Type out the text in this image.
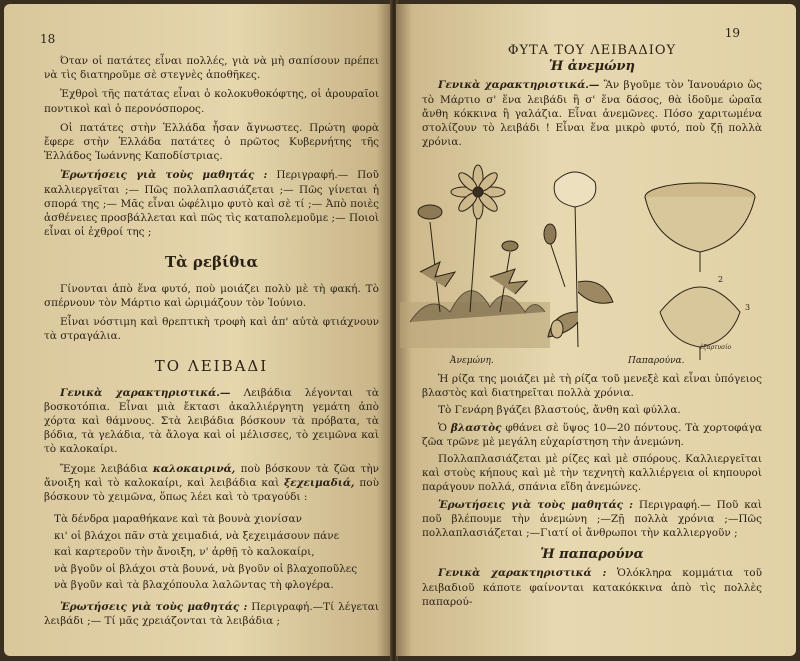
18

Όταν οἱ πατάτες εἶναι πολλές, γιὰ νὰ μὴ σαπίσουν πρέπει νὰ τὶς διατηροῦμε σὲ στεγνὲς ἀποθῆκες.

Ἐχθροὶ τῆς πατάτας εἶναι ὁ κολοκυθοκόφτης, οἱ ἀρουραῖοι ποντικοὶ καὶ ὁ περονόσπορος.

Οἱ πατάτες στὴν Ἑλλάδα ἦσαν ἄγνωστες. Πρώτη φορὰ ἔφερε στὴν Ἑλλάδα πατάτες ὁ πρῶτος Κυβερνήτης τῆς Ἑλλάδος Ἰωάννης Καποδίστριας.

Ἐρωτήσεις γιὰ τοὺς μαθητάς : Περιγραφή.— Ποῦ καλλιεργεῖται ;— Πῶς πολλαπλασιάζεται ;— Πῶς γίνεται ἡ σπορά της ;— Μᾶς εἶναι ὠφέλιμο φυτὸ καὶ σὲ τί ;— Ἀπὸ ποιὲς ἀσθένειες προσβάλλεται καὶ πῶς τὶς καταπολεμοῦμε ;— Ποιοὶ εἶναι οἱ ἐχθροί της ;

Τὰ ρεβίθια

Γίνονται ἀπὸ ἕνα φυτό, ποὺ μοιάζει πολὺ μὲ τὴ φακή. Τὸ σπέρνουν τὸν Μάρτιο καὶ ὡριμάζουν τὸν Ἰούνιο.

Εἶναι νόστιμη καὶ θρεπτικὴ τροφὴ καὶ ἀπ' αὐτὰ φτιάχνουν τὰ στραγάλια.

ΤΟ ΛΕΙΒΑΔΙ

Γενικὰ χαρακτηριστικά.— Λειβάδια λέγονται τὰ βοσκοτόπια. Εἶναι μιὰ ἔκτασι ἀκαλλιέργητη γεμάτη ἀπὸ χόρτα καὶ θάμνους. Στὰ λειβάδια βόσκουν τὰ πρόβατα, τὰ βόδια, τὰ γελάδια, τὰ ἄλογα καὶ οἱ μέλισσες, τὸ χειμῶνα καὶ τὸ καλοκαίρι.

Ἔχομε λειβάδια καλοκαιρινά, ποὺ βόσκουν τὰ ζῶα τὴν ἄνοιξη καὶ τὸ καλοκαίρι, καὶ λειβάδια καὶ ξεχειμαδιά, ποὺ βόσκουν τὸ χειμῶνα, ὅπως λέει καὶ τὸ τραγούδι :

Τὰ δένδρα μαραθήκανε καὶ τὰ βουνὰ χιονίσαν

κι' οἱ βλάχοι πᾶν στὰ χειμαδιά, νὰ ξεχειμάσουν πάνε

καὶ καρτεροῦν τὴν ἄνοιξη, ν' ἀρθῇ τὸ καλοκαίρι,

νὰ βγοῦν οἱ βλάχοι στὰ βουνά, νὰ βγοῦν οἱ βλαχοποῦλες

νὰ βγοῦν καὶ τὰ βλαχόπουλα λαλῶντας τὴ φλογέρα.

Ἐρωτήσεις γιὰ τοὺς μαθητάς : Περιγραφή.—Τί λέγεται λειβάδι ;— Τί μᾶς χρειάζονται τὰ λειβάδια ;

19

ΦΥΤΑ ΤΟΥ ΛΕΙΒΑΔΙΟΥ

Ἡ ἀνεμώνη

Γενικὰ χαρακτηριστικά.— Ἂν βγοῦμε τὸν Ἰανουάριο ὣς τὸ Μάρτιο σ' ἕνα λειβάδι ἢ σ' ἕνα δάσος, θὰ ἰδοῦμε ὡραῖα ἄνθη κόκκινα ἢ γαλάζια. Εἶναι ἀνεμῶνες. Πόσο χαριτωμένα στολίζουν τὸ λειβάδι ! Εἶναι ἕνα μικρὸ φυτό, ποὺ ζῇ πολλὰ χρόνια.

3
2
Ἀνεμώνη.	Παπαρούνα.
ἐξαρτυσίο

Ἡ ρίζα της μοιάζει μὲ τὴ ρίζα τοῦ μενεξὲ καὶ εἶναι ὑπόγειος βλαστὸς καὶ διατηρεῖται πολλὰ χρόνια.

Τὸ Γενάρη βγάζει βλαστούς, ἄνθη καὶ φύλλα.

Ὁ βλαστὸς φθάνει σὲ ὕψος 10—20 πόντους. Τὰ χορτοφάγα ζῶα τρῶνε μὲ μεγάλη εὐχαρίστηση τὴν ἀνεμώνη.

Πολλαπλασιάζεται μὲ ρίζες καὶ μὲ σπόρους. Καλλιεργεῖται καὶ στοὺς κήπους καὶ μὲ τὴν τεχνητὴ καλλιέργεια οἱ κηπουροὶ παράγουν πολλά, σπάνια εἴδη ἀνεμώνες.

Ἐρωτήσεις γιὰ τοὺς μαθητάς : Περιγραφή.— Ποῦ καὶ ποῦ βλέπουμε τὴν ἀνεμώνη ;—Ζῇ πολλὰ χρόνια ;—Πῶς πολλαπλασιάζεται ;—Γιατί οἱ ἄνθρωποι τὴν καλλιεργοῦν ;

Ἡ παπαρούνα

Γενικὰ χαρακτηριστικά : Ὁλόκληρα κομμάτια τοῦ λειβαδιοῦ κάποτε φαίνονται κατακόκκινα ἀπὸ τὶς πολλὲς παπαρού-
